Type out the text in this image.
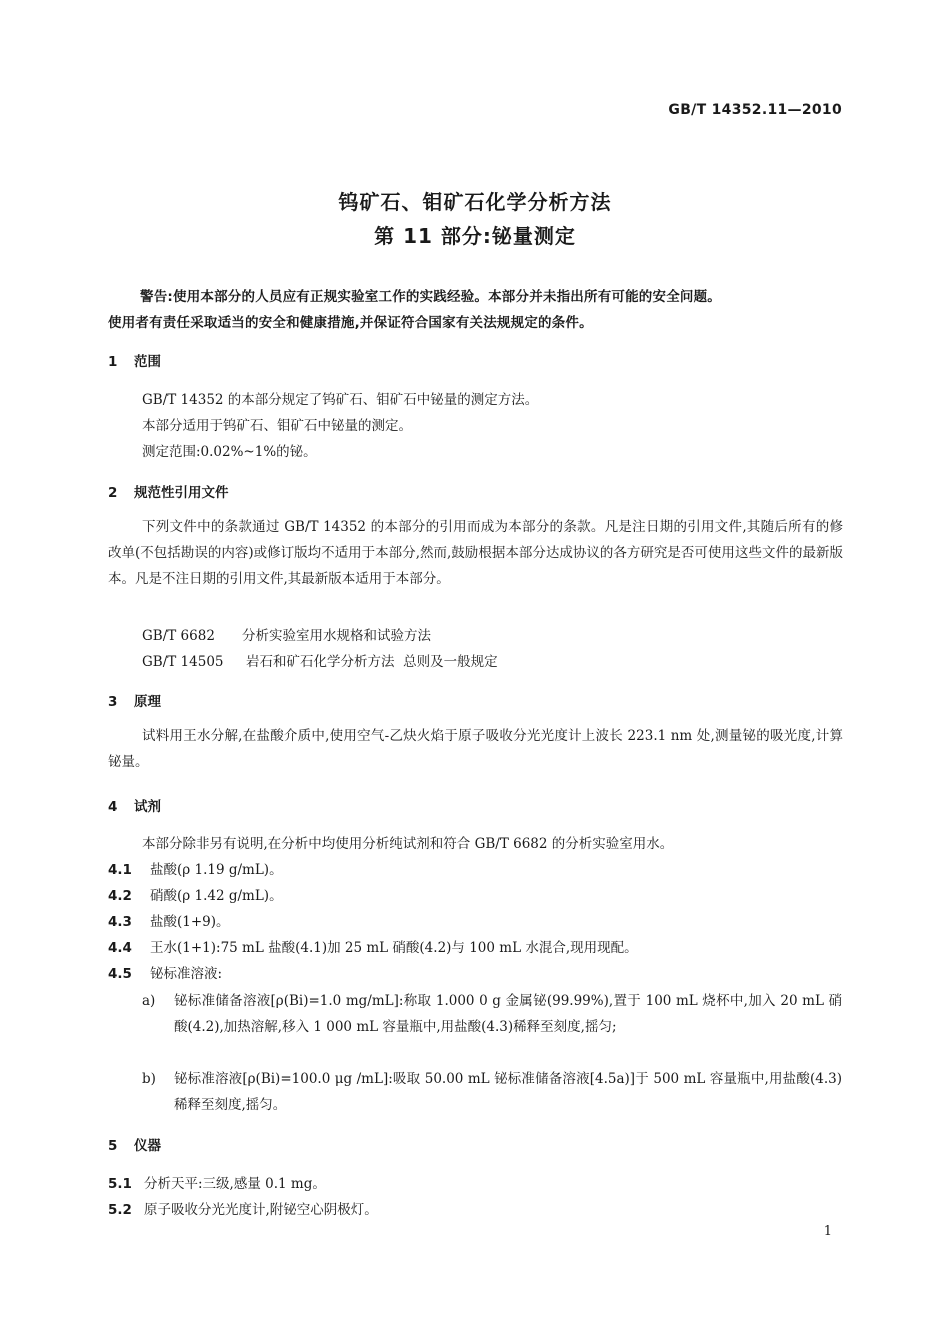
GB/T 14352.11—2010

钨矿石、钼矿石化学分析方法
第 11 部分:铋量测定
警告:使用本部分的人员应有正规实验室工作的实践经验。本部分并未指出所有可能的安全问题。
使用者有责任采取适当的安全和健康措施,并保证符合国家有关法规规定的条件。
1 范围

GB/T 14352 的本部分规定了钨矿石、钼矿石中铋量的测定方法。

本部分适用于钨矿石、钼矿石中铋量的测定。

测定范围:0.02%~1%的铋。

2 规范性引用文件

下列文件中的条款通过 GB/T 14352 的本部分的引用而成为本部分的条款。凡是注日期的引用文件,其随后所有的修改单(不包括勘误的内容)或修订版均不适用于本部分,然而,鼓励根据本部分达成协议的各方研究是否可使用这些文件的最新版本。凡是不注日期的引用文件,其最新版本适用于本部分。

GB/T 6682 分析实验室用水规格和试验方法

GB/T 14505 岩石和矿石化学分析方法  总则及一般规定

3 原理

试料用王水分解,在盐酸介质中,使用空气-乙炔火焰于原子吸收分光光度计上波长 223.1 nm 处,测量铋的吸光度,计算铋量。

4 试剂

本部分除非另有说明,在分析中均使用分析纯试剂和符合 GB/T 6682 的分析实验室用水。

4.1 盐酸(ρ 1.19 g/mL)。

4.2 硝酸(ρ 1.42 g/mL)。

4.3 盐酸(1+9)。

4.4 王水(1+1):75 mL 盐酸(4.1)加 25 mL 硝酸(4.2)与 100 mL 水混合,现用现配。

4.5 铋标准溶液:

a) 铋标准储备溶液[ρ(Bi)=1.0 mg/mL]:称取 1.000 0 g 金属铋(99.99%),置于 100 mL 烧杯中,加入 20 mL 硝酸(4.2),加热溶解,移入 1 000 mL 容量瓶中,用盐酸(4.3)稀释至刻度,摇匀;
b) 铋标准溶液[ρ(Bi)=100.0 μg /mL]:吸取 50.00 mL 铋标准储备溶液[4.5a)]于 500 mL 容量瓶中,用盐酸(4.3)稀释至刻度,摇匀。
5 仪器

5.1 分析天平:三级,感量 0.1 mg。

5.2 原子吸收分光光度计,附铋空心阴极灯。

1
